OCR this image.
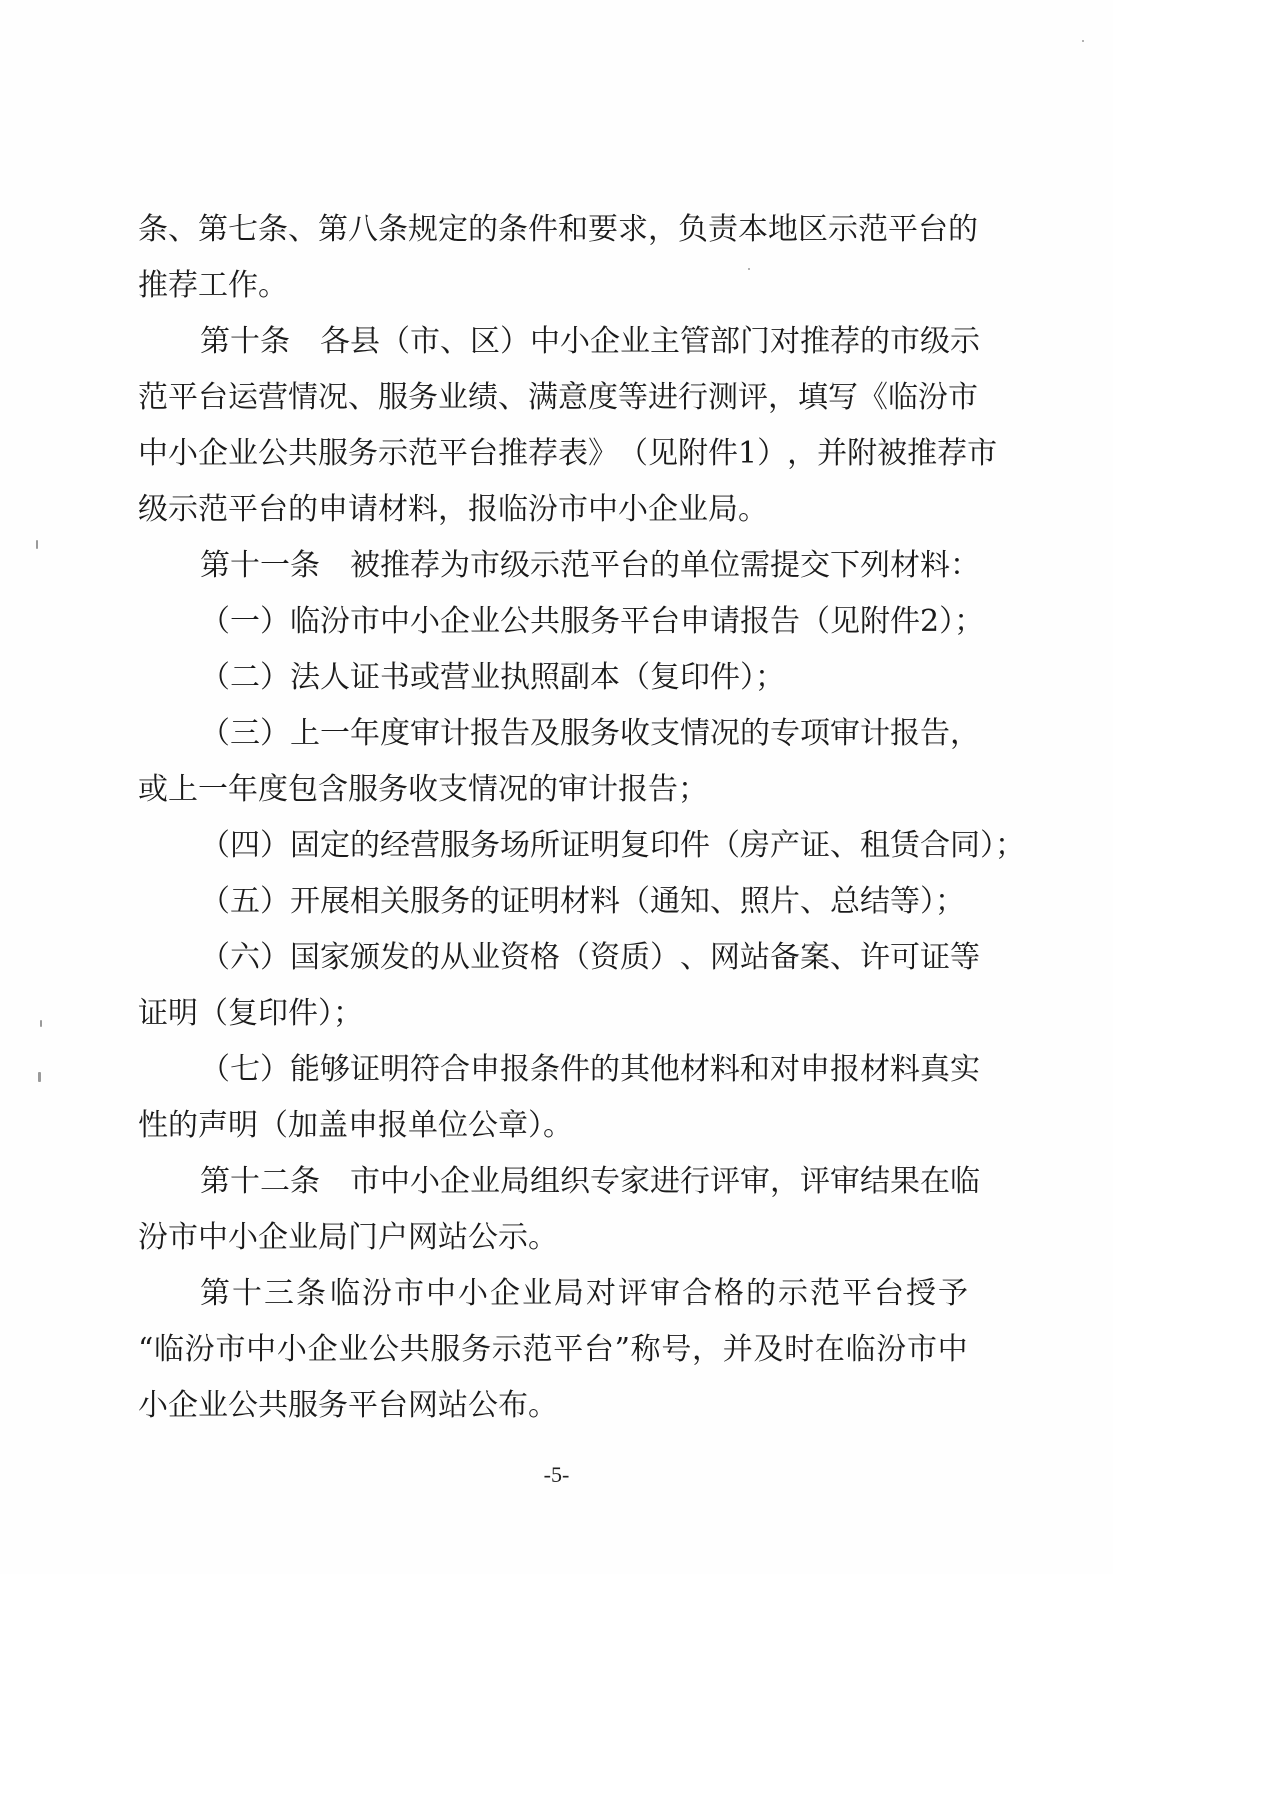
条 、 第 七 条 、 第 八 条 规 定 的 条 件 和 要 求 ， 负 责 本 地 区 示 范 平 台 的
推荐工作。
第 十 条
　 各 县 （ 市 、 区 ） 中 小 企 业 主 管 部 门 对 推 荐 的 市 级 示
范 平 台 运 营 情 况 、 服 务 业 绩 、 满 意 度 等 进 行 测 评 ， 填 写 《 临 汾 市
中 小 企 业 公 共 服 务 示 范 平 台 推 荐 表 》 （ 见 附 件 1 ） ， 并 附 被 推 荐 市
级示范平台的申请材料，报临汾市中小企业局。
第十一条　被推荐为市级示范平台的单位需提交下列材料：
（一）临汾市中小企业公共服务平台申请报告（见附件2）；
（二）法人证书或营业执照副本（复印件）；
（ 三 ） 上 一 年 度 审 计 报 告 及 服 务 收 支 情 况 的 专 项 审 计 报 告 ，
或上一年度包含服务收支情况的审计报告；
（四）固定的经营服务场所证明复印件（房产证、租赁合同）；
（五）开展相关服务的证明材料（通知、照片、总结等）；
（ 六 ） 国 家 颁 发 的 从 业 资 格 （ 资 质 ） 、 网 站 备 案 、 许 可 证 等
证明（复印件）；
（ 七 ） 能 够 证 明 符 合 申 报 条 件 的 其 他 材 料 和 对 申 报 材 料 真 实
性的声明（加盖申报单位公章）。
第 十 二 条
　 市 中 小 企 业 局 组 织 专 家 进 行 评 审 ， 评 审 结 果 在 临
汾市中小企业局门户网站公示。
第 十 三 条 临 汾 市 中 小 企 业 局 对 评 审 合 格 的 示 范 平 台 授 予
“ 临 汾 市 中 小 企 业 公 共 服 务 示 范 平 台 ” 称 号 ， 并 及 时 在 临 汾 市 中
小企业公共服务平台网站公布。
-5-
